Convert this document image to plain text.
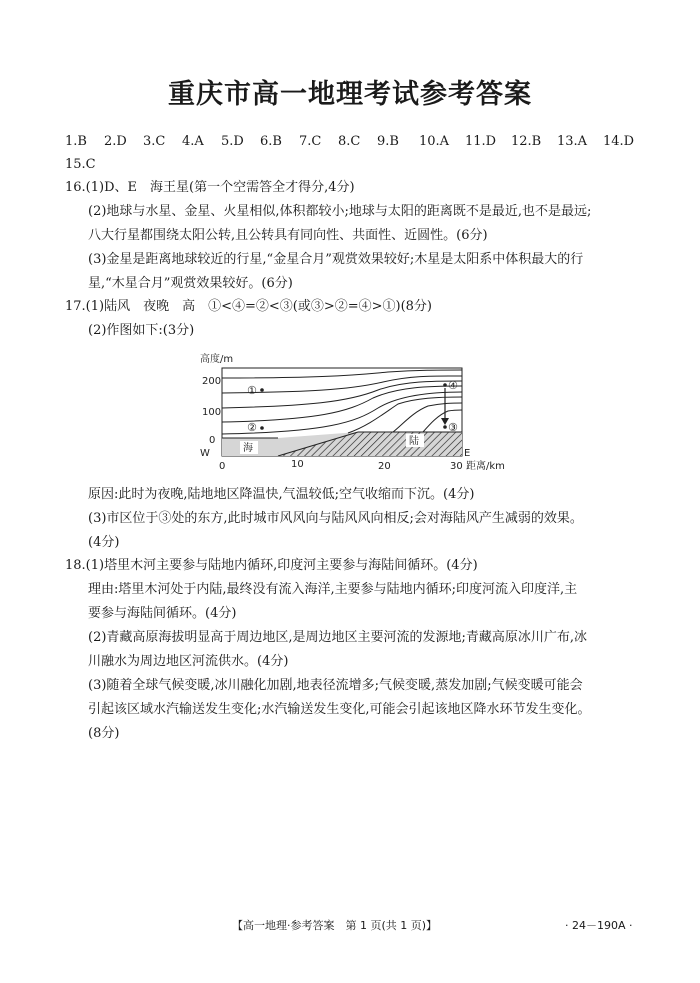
重庆市高一地理考试参考答案
1.B 2.D 3.C 4.A 5.D 6.B 7.C 8.C 9.B 10.A 11.D 12.B 13.A 14.D
15.C
16.(1)D、E　海王星(第一个空需答全才得分,4分)
(2)地球与水星、金星、火星相似,体积都较小;地球与太阳的距离既不是最近,也不是最远;
八大行星都围绕太阳公转,且公转具有同向性、共面性、近圆性。(6分)
(3)金星是距离地球较近的行星,“金星合月”观赏效果较好;木星是太阳系中体积最大的行
星,“木星合月”观赏效果较好。(6分)
17.(1)陆风　夜晚　高　①<④=②<③(或③>②=④>①)(8分)
(2)作图如下:(3分)
高度/m
200
100
0
①
②	③
④
海
陆
W	E
0	10	20	30 距离/km
原因:此时为夜晚,陆地地区降温快,气温较低;空气收缩而下沉。(4分)
(3)市区位于③处的东方,此时城市风风向与陆风风向相反;会对海陆风产生减弱的效果。
(4分)
18.(1)塔里木河主要参与陆地内循环,印度河主要参与海陆间循环。(4分)
理由:塔里木河处于内陆,最终没有流入海洋,主要参与陆地内循环;印度河流入印度洋,主
要参与海陆间循环。(4分)
(2)青藏高原海拔明显高于周边地区,是周边地区主要河流的发源地;青藏高原冰川广布,冰
川融水为周边地区河流供水。(4分)
(3)随着全球气候变暖,冰川融化加剧,地表径流增多;气候变暖,蒸发加剧;气候变暖可能会
引起该区域水汽输送发生变化;水汽输送发生变化,可能会引起该地区降水环节发生变化。
(8分)
【高一地理·参考答案　第 1 页(共 1 页)】	· 24－190A ·
